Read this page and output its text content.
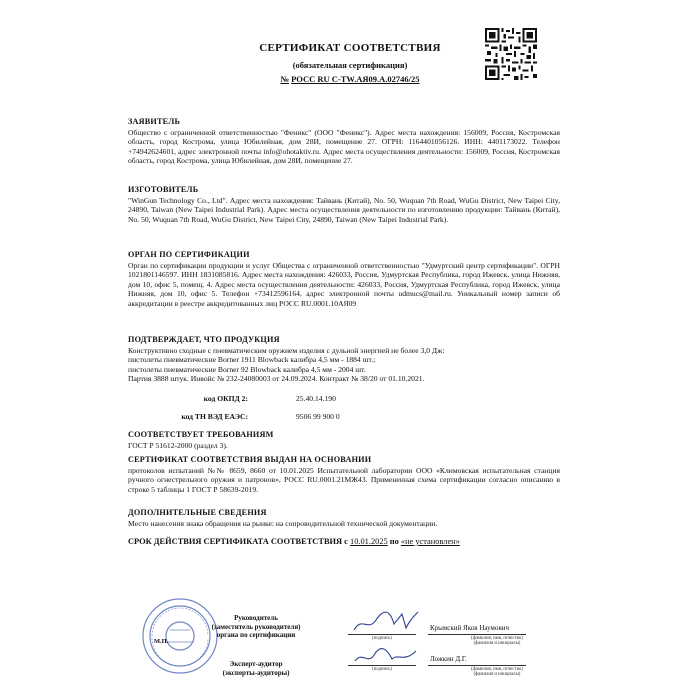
СЕРТИФИКАТ СООТВЕТСТВИЯ
(обязательная сертификация)
№ РОСС RU C-TW.АЯ09.А.02746/25
ЗАЯВИТЕЛЬ
Общество с ограниченной ответственностью "Феникс" (ООО "Феникс"). Адрес места нахождения: 156009, Россия, Костромская область, город Кострома, улица Юбилейная, дом 28И, помещение 27. ОГРН: 1164401056126. ИНН: 4401173022. Телефон +74942624601, адрес электронной почты info@ohotaktiv.ru. Адрес места осуществления деятельности: 156009, Россия, Костромская область, город Кострома, улица Юбилейная, дом 28И, помещение 27.
ИЗГОТОВИТЕЛЬ
"WinGun Technology Co., Ltd". Адрес места нахождения: Тайвань (Китай), No. 50, Wuquan 7th Road, WuGu District, New Taipei City, 24890, Taiwan (New Taipei Industrial Park). Адрес места осуществления деятельности по изготовлению продукции: Тайвань (Китай), No. 50, Wuquan 7th Road, WuGu District, New Taipei City, 24890, Taiwan (New Taipei Industrial Park).
ОРГАН ПО СЕРТИФИКАЦИИ
Орган по сертификации продукции и услуг Общества с ограниченной ответственностью "Удмуртский центр сертификации". ОГРН 1021801146597. ИНН 1831085816. Адрес места нахождения: 426033, Россия, Удмуртская Республика, город Ижевск, улица Нижняя, дом 10, офис 5, помещ. 4. Адрес места осуществления деятельности: 426033, Россия, Удмуртская Республика, город Ижевск, улица Нижняя, дом 10, офис 5. Телефон +73412596164, адрес электронной почты udmucs@mail.ru. Уникальный номер записи об аккредитации в реестре аккредитованных лиц РОСС RU.0001.10АЯ09
ПОДТВЕРЖДАЕТ, ЧТО ПРОДУКЦИЯ
Конструктивно сходные с пневматическим оружием изделия с дульной энергией не более 3,0 Дж:
пистолеты пневматические Borner 1911 Blowback калибра 4,5 мм - 1884 шт.;
пистолеты пневматические Borner 92 Blowback калибра 4,5 мм - 2004 шт.
Партия 3888 штук. Инвойс № 232-24080003 от 24.09.2024. Контракт № 38/20 от 01.10.2021.
код ОКПД 2:	25.40.14.190
код ТН ВЭД ЕАЭС:	9506 99 900 0
СООТВЕТСТВУЕТ ТРЕБОВАНИЯМ
ГОСТ Р 51612-2000 (раздел 3).
СЕРТИФИКАТ СООТВЕТСТВИЯ ВЫДАН НА ОСНОВАНИИ
протоколов испытаний №№ 8659, 8660 от 10.01.2025 Испытательной лаборатории ООО «Климовская испытательная станция ручного огнестрельного оружия и патронов», РОСС RU.0001.21МЖ43. Примененная схема сертификации согласно описанию в строке 5 таблицы 1 ГОСТ Р 58639-2019.
ДОПОЛНИТЕЛЬНЫЕ СВЕДЕНИЯ
Место нанесения знака обращения на рынке: на сопроводительной технической документации.
СРОК ДЕЙСТВИЯ СЕРТИФИКАТА СООТВЕТСТВИЯ с 10.01.2025 по «не установлен»
Руководитель
(заместитель руководителя)
органа по сертификации
Эксперт-аудитор
(эксперты-аудиторы)
М.П.	(подпись)
(подпись)
Крымский Яков Наумович
(фамилия, имя, отчество) (фамилия и инициалы)
Ложкин Д.Г.
(фамилия, имя, отчество) (фамилия и инициалы)
